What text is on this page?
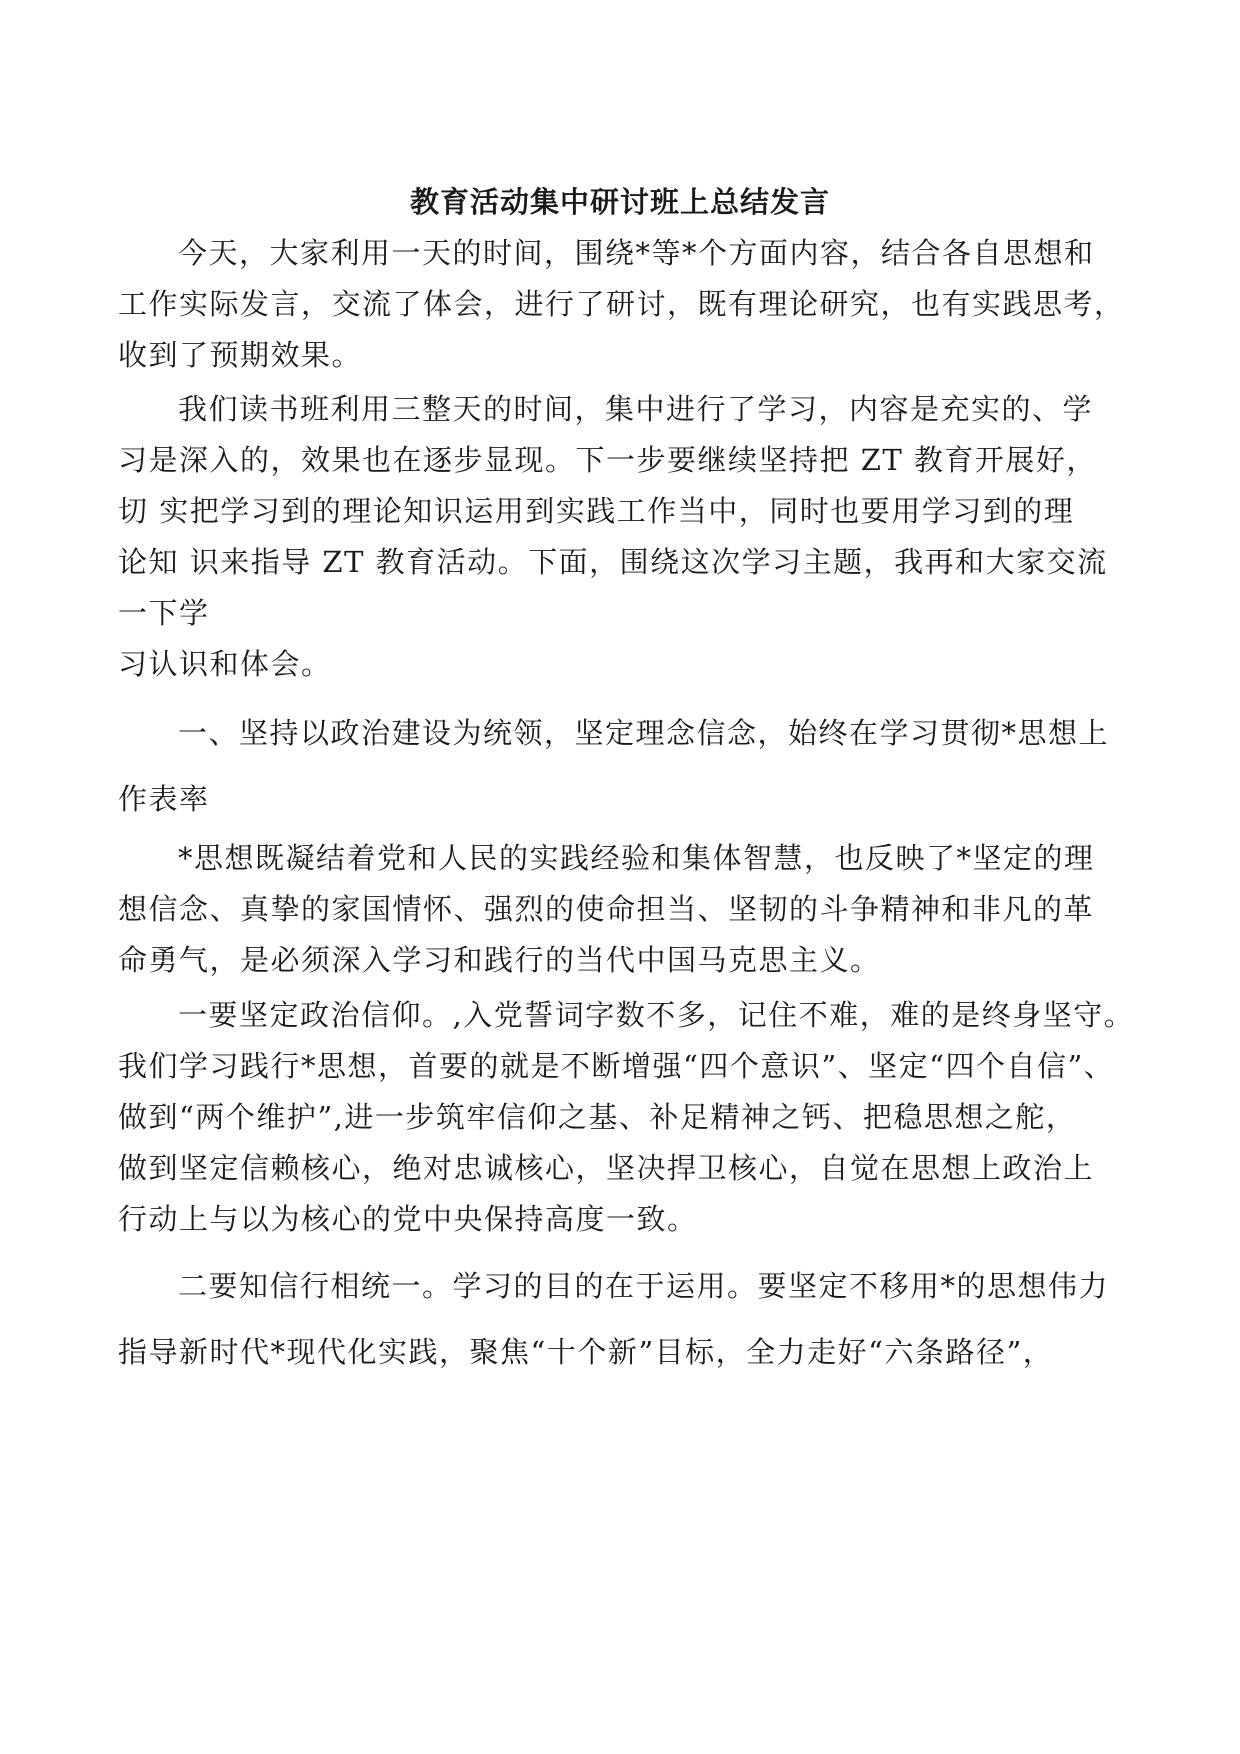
教育活动集中研讨班上总结发言
今天，大家利用一天的时间，围绕*等*个方面内容，结合各自思想和
工作实际发言，交流了体会，进行了研讨，既有理论研究，也有实践思考，
收到了预期效果。
我们读书班利用三整天的时间，集中进行了学习，内容是充实的、学
习是深入的，效果也在逐步显现。下一步要继续坚持把 ZT 教育开展好，
切 实把学习到的理论知识运用到实践工作当中，同时也要用学习到的理
论知 识来指导 ZT 教育活动。下面，围绕这次学习主题，我再和大家交流
一下学
习认识和体会。
一、坚持以政治建设为统领，坚定理念信念，始终在学习贯彻*思想上
作表率
*思想既凝结着党和人民的实践经验和集体智慧，也反映了*坚定的理
想信念、真挚的家国情怀、强烈的使命担当、坚韧的斗争精神和非凡的革
命勇气，是必须深入学习和践行的当代中国马克思主义。
一要坚定政治信仰。,入党誓词字数不多，记住不难，难的是终身坚守。
我们学习践行*思想，首要的就是不断增强“四个意识”、坚定“四个自信”、
做到“两个维护”,进一步筑牢信仰之基、补足精神之钙、把稳思想之舵，
做到坚定信赖核心，绝对忠诚核心，坚决捍卫核心，自觉在思想上政治上
行动上与以为核心的党中央保持高度一致。
二要知信行相统一。学习的目的在于运用。要坚定不移用*的思想伟力
指导新时代*现代化实践，聚焦“十个新”目标，全力走好“六条路径”，
